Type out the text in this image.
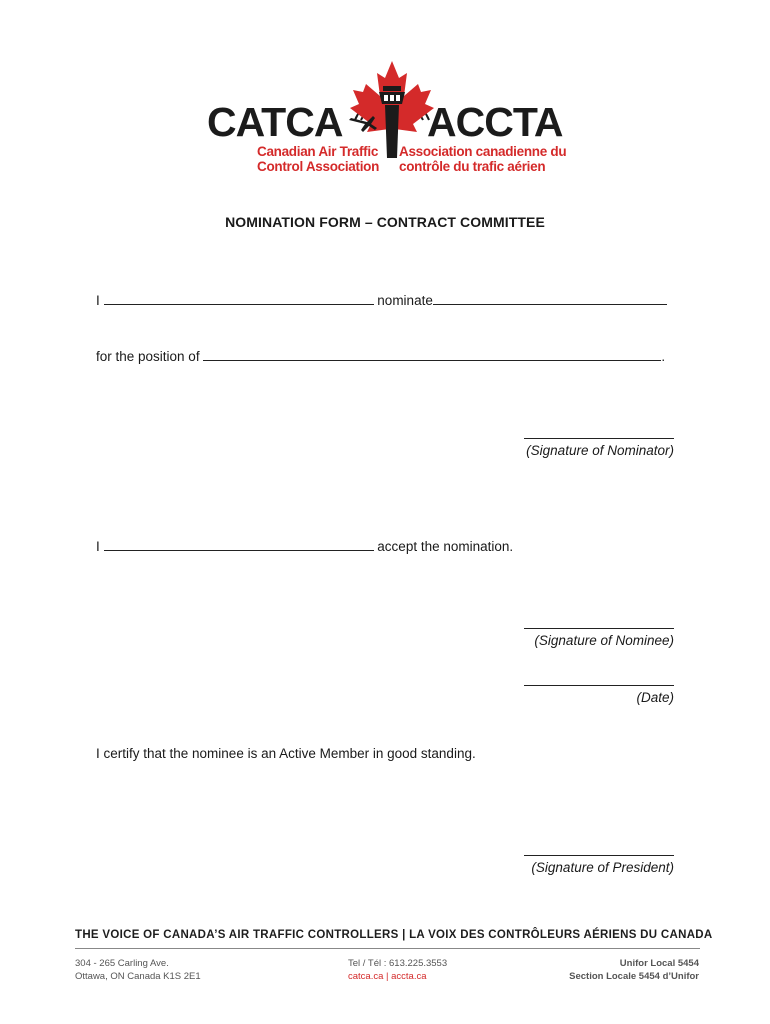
CATCA ACCTA
Canadian Air Traffic
Control Association
Association canadienne du
contrôle du trafic aérien
NOMINATION FORM – CONTRACT COMMITTEE
I	nominate
for the position of	.
(Signature of Nominator)
I	accept the nomination.
(Signature of Nominee)
(Date)
I certify that the nominee is an Active Member in good standing.
(Signature of President)
THE VOICE OF CANADA’S AIR TRAFFIC CONTROLLERS | LA VOIX DES CONTRÔLEURS AÉRIENS DU CANADA
304 - 265 Carling Ave.
Ottawa, ON Canada K1S 2E1
Tel / Tél : 613.225.3553
catca.ca | accta.ca
Unifor Local 5454
Section Locale 5454 d’Unifor
